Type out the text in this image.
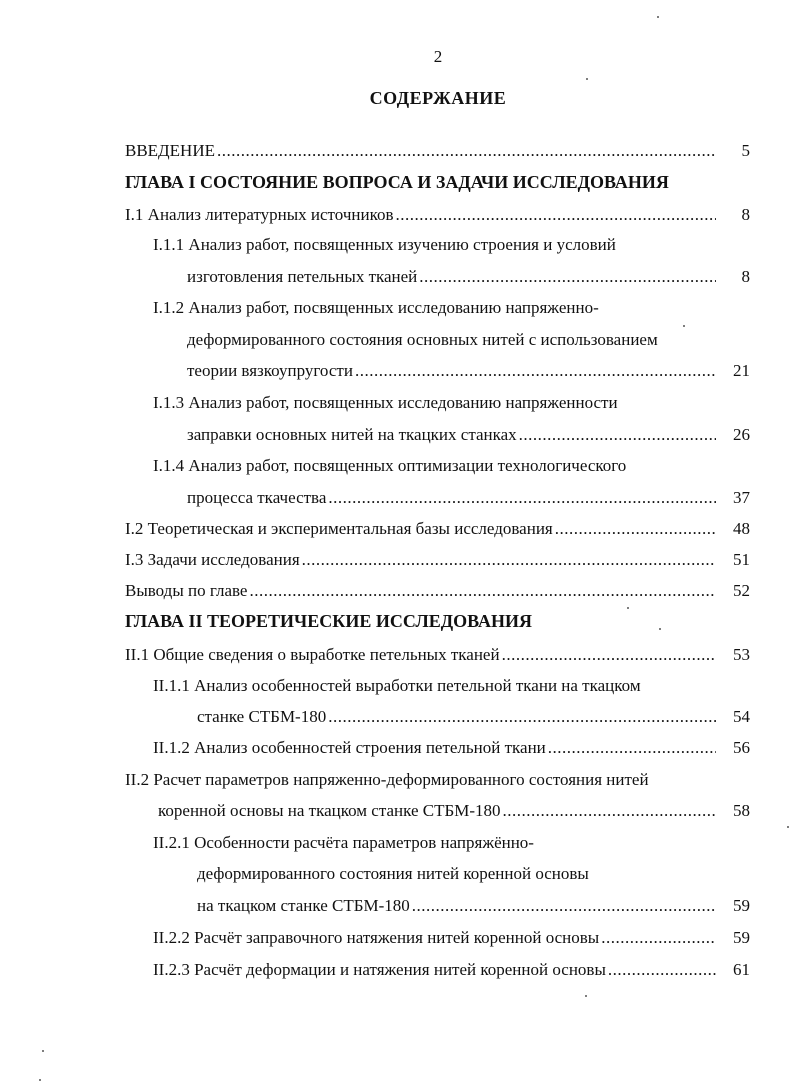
2
СОДЕРЖАНИЕ
ВВЕДЕНИЕ .....	5
ГЛАВА I СОСТОЯНИЕ ВОПРОСА И ЗАДАЧИ ИССЛЕДОВАНИЯ
I.1 Анализ литературных источников .....	8
I.1.1 Анализ работ, посвященных изучению строения и условий
изготовления петельных тканей .....	8
I.1.2 Анализ работ, посвященных исследованию напряженно-
деформированного состояния основных нитей с использованием
теории вязкоупругости .....	21
I.1.3 Анализ работ, посвященных исследованию напряженности
заправки основных нитей на ткацких станках .....	26
I.1.4 Анализ работ, посвященных оптимизации технологического
процесса ткачества .....	37
I.2 Теоретическая и экспериментальная базы исследования .....	48
I.3 Задачи исследования .....	51
Выводы по главе .....	52
ГЛАВА II ТЕОРЕТИЧЕСКИЕ ИССЛЕДОВАНИЯ
II.1 Общие сведения о выработке петельных тканей .....	53
II.1.1 Анализ особенностей выработки петельной ткани на ткацком
станке СТБМ-180 .....	54
II.1.2 Анализ особенностей строения петельной ткани .....	56
II.2 Расчет параметров напряженно-деформированного состояния нитей
коренной основы на ткацком станке СТБМ-180 .....	58
II.2.1 Особенности расчёта параметров напряжённо-
деформированного состояния нитей коренной основы
на ткацком станке СТБМ-180 .....	59
II.2.2 Расчёт заправочного натяжения нитей коренной основы .....	59
II.2.3 Расчёт деформации и натяжения нитей коренной основы .....	61
